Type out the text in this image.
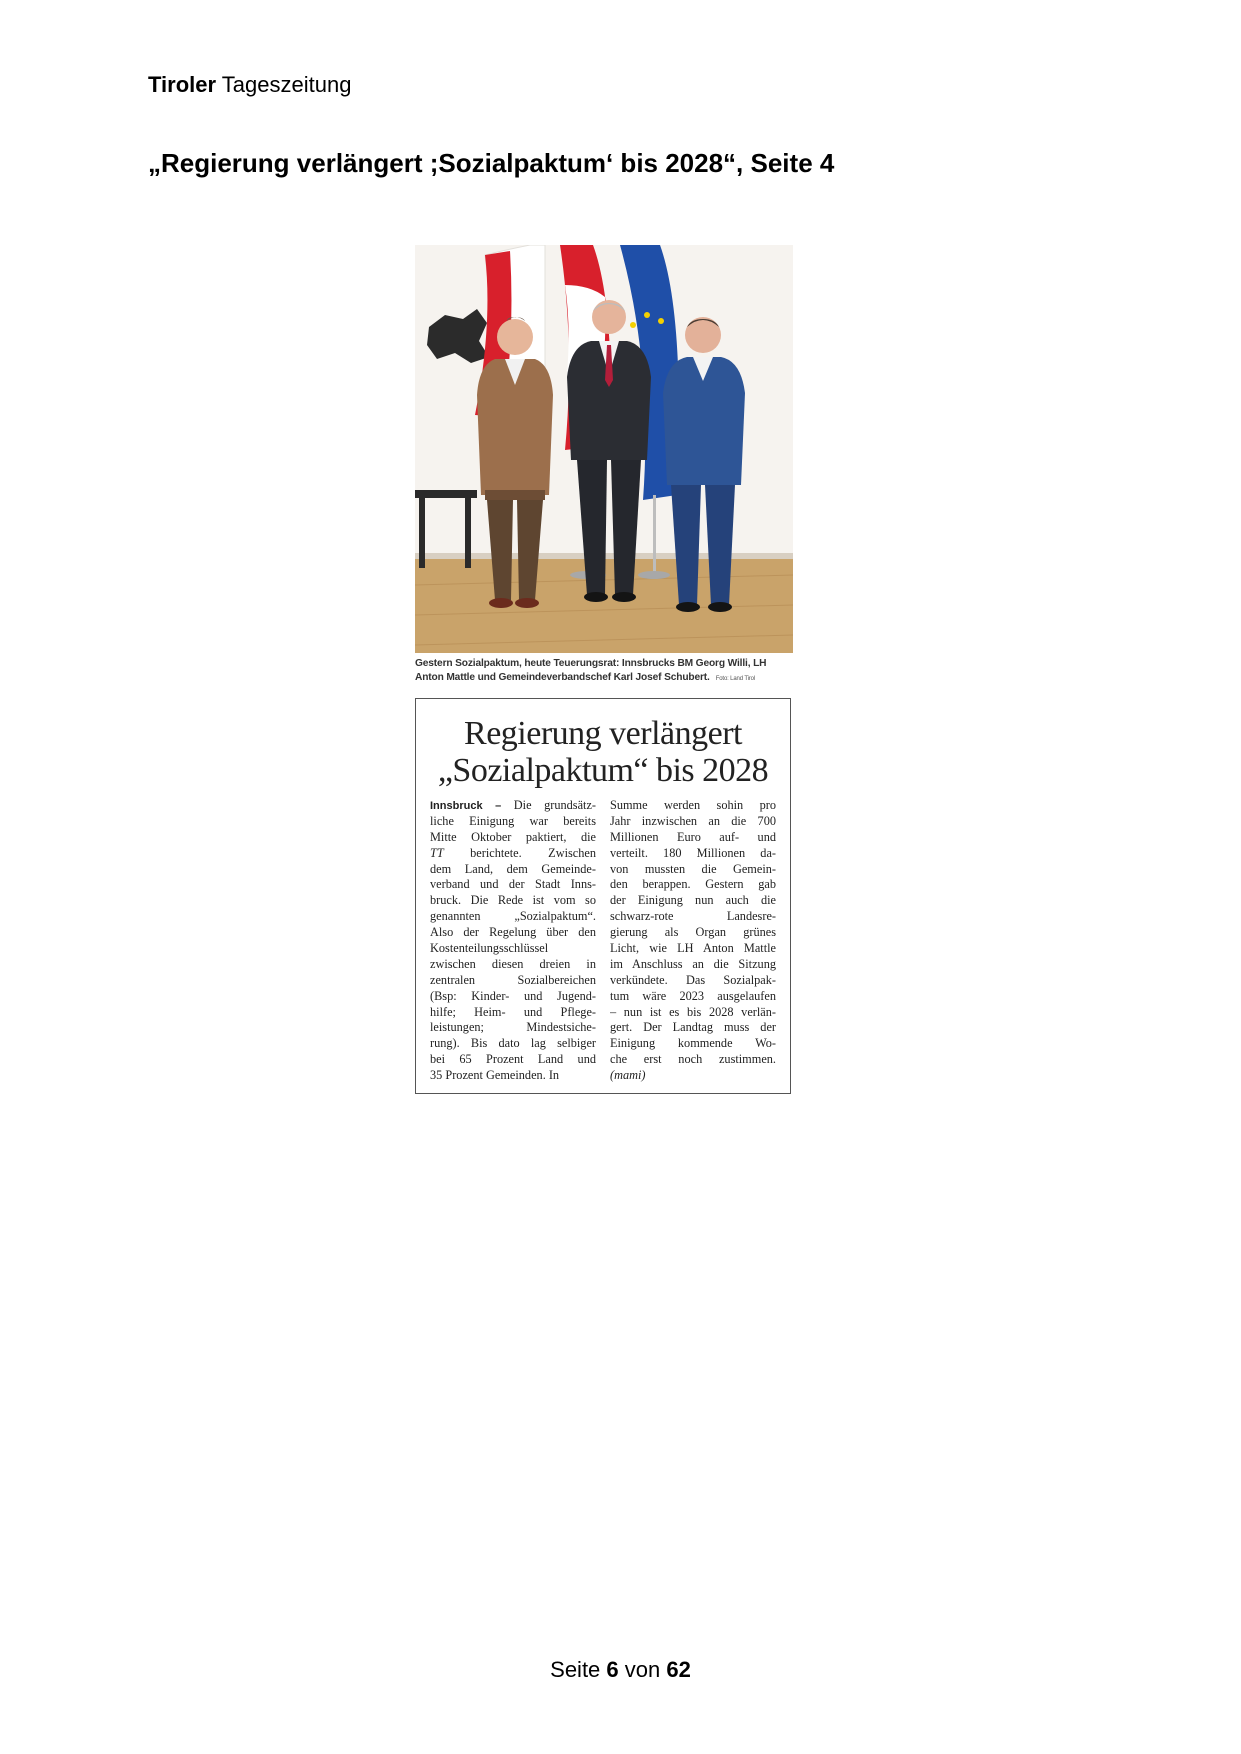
Tiroler Tageszeitung
„Regierung verlängert ;Sozialpaktum‘ bis 2028“, Seite 4
Gestern Sozialpaktum, heute Teuerungsrat: Innsbrucks BM Georg Willi, LH Anton Mattle und Gemeindeverbandschef Karl Josef Schubert. Foto: Land Tirol
Regierung verlängert
„Sozialpaktum“ bis 2028
Innsbruck – Die grundsätz-
liche Einigung war bereits
Mitte Oktober paktiert, die
TT berichtete. Zwischen
dem Land, dem Gemeinde-
verband und der Stadt Inns-
bruck. Die Rede ist vom so
genannten „Sozialpaktum“.
Also der Regelung über den
Kostenteilungsschlüssel
zwischen diesen dreien in
zentralen Sozialbereichen
(Bsp: Kinder- und Jugend-
hilfe; Heim- und Pflege-
leistungen; Mindestsiche-
rung). Bis dato lag selbiger
bei 65 Prozent Land und
35 Prozent Gemeinden. In
Summe werden sohin pro
Jahr inzwischen an die 700
Millionen Euro auf- und
verteilt. 180 Millionen da-
von mussten die Gemein-
den berappen. Gestern gab
der Einigung nun auch die
schwarz-rote Landesre-
gierung als Organ grünes
Licht, wie LH Anton Mattle
im Anschluss an die Sitzung
verkündete. Das Sozialpak-
tum wäre 2023 ausgelaufen
– nun ist es bis 2028 verlän-
gert. Der Landtag muss der
Einigung kommende Wo-
che erst noch zustimmen.
(mami)
Seite 6 von 62
